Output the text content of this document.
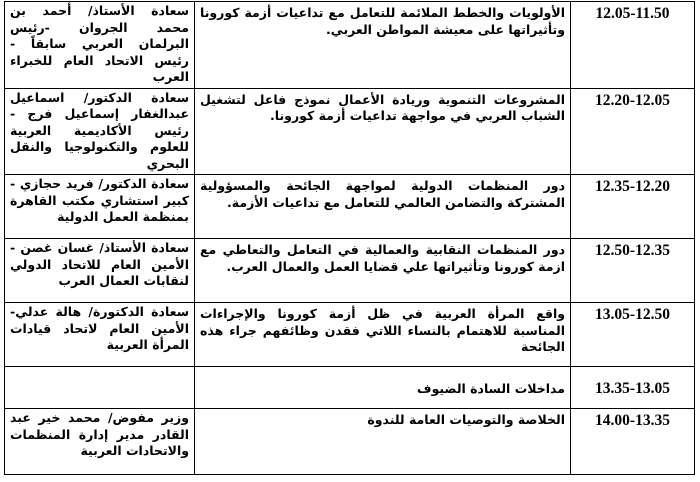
سعادة الأستاذ/ أحمد بن محمد الجروان -رئيس البرلمان العربي سابقاً - رئيس الاتحاد العام للخبراء العرب	الأولويات والخطط الملائمة للتعامل مع تداعيات أزمة كورونا وتأثيراتها على معيشة المواطن العربي.	12.05-11.50
سعادة الدكتور/ اسماعيل عبدالغفار إسماعيل فرج - رئيس الأكاديمية العربية للعلوم والتكنولوجيا والنقل البحري	المشروعات التنموية وريادة الأعمال نموذج فاعل لتشغيل الشباب العربي في مواجهة تداعيات أزمة كورونا.	12.20-12.05
سعادة الدكتور/ فريد حجازي - كبير استشاري مكتب القاهرة بمنظمة العمل الدولية	دور المنظمات الدولية لمواجهة الجائحة والمسؤولية المشتركة والتضامن العالمي للتعامل مع تداعيات الأزمة.	12.35-12.20
سعادة الأستاذ/ غسان غصن - الأمين العام للاتحاد الدولي لنقابات العمال العرب	دور المنظمات النقابية والعمالية في التعامل والتعاطي مع ازمة كورونا وتأثيراتها علي قضايا العمل والعمال العرب.	12.50-12.35
سعادة الدكتورة/ هالة عدلي- الأمين العام لاتحاد قيادات المرأة العربية	واقع المرأة العربية في ظل أزمة كورونا والإجراءات المناسبة للاهتمام بالنساء اللاتي فقدن وظائفهم جراء هذه الجائحة	13.05-12.50
	مداخلات السادة الضيوف	13.35-13.05
وزير مفوض/ محمد خير عبد القادر مدير إدارة المنظمات والاتحادات العربية	الخلاصة والتوصيات العامة للندوة	14.00-13.35
